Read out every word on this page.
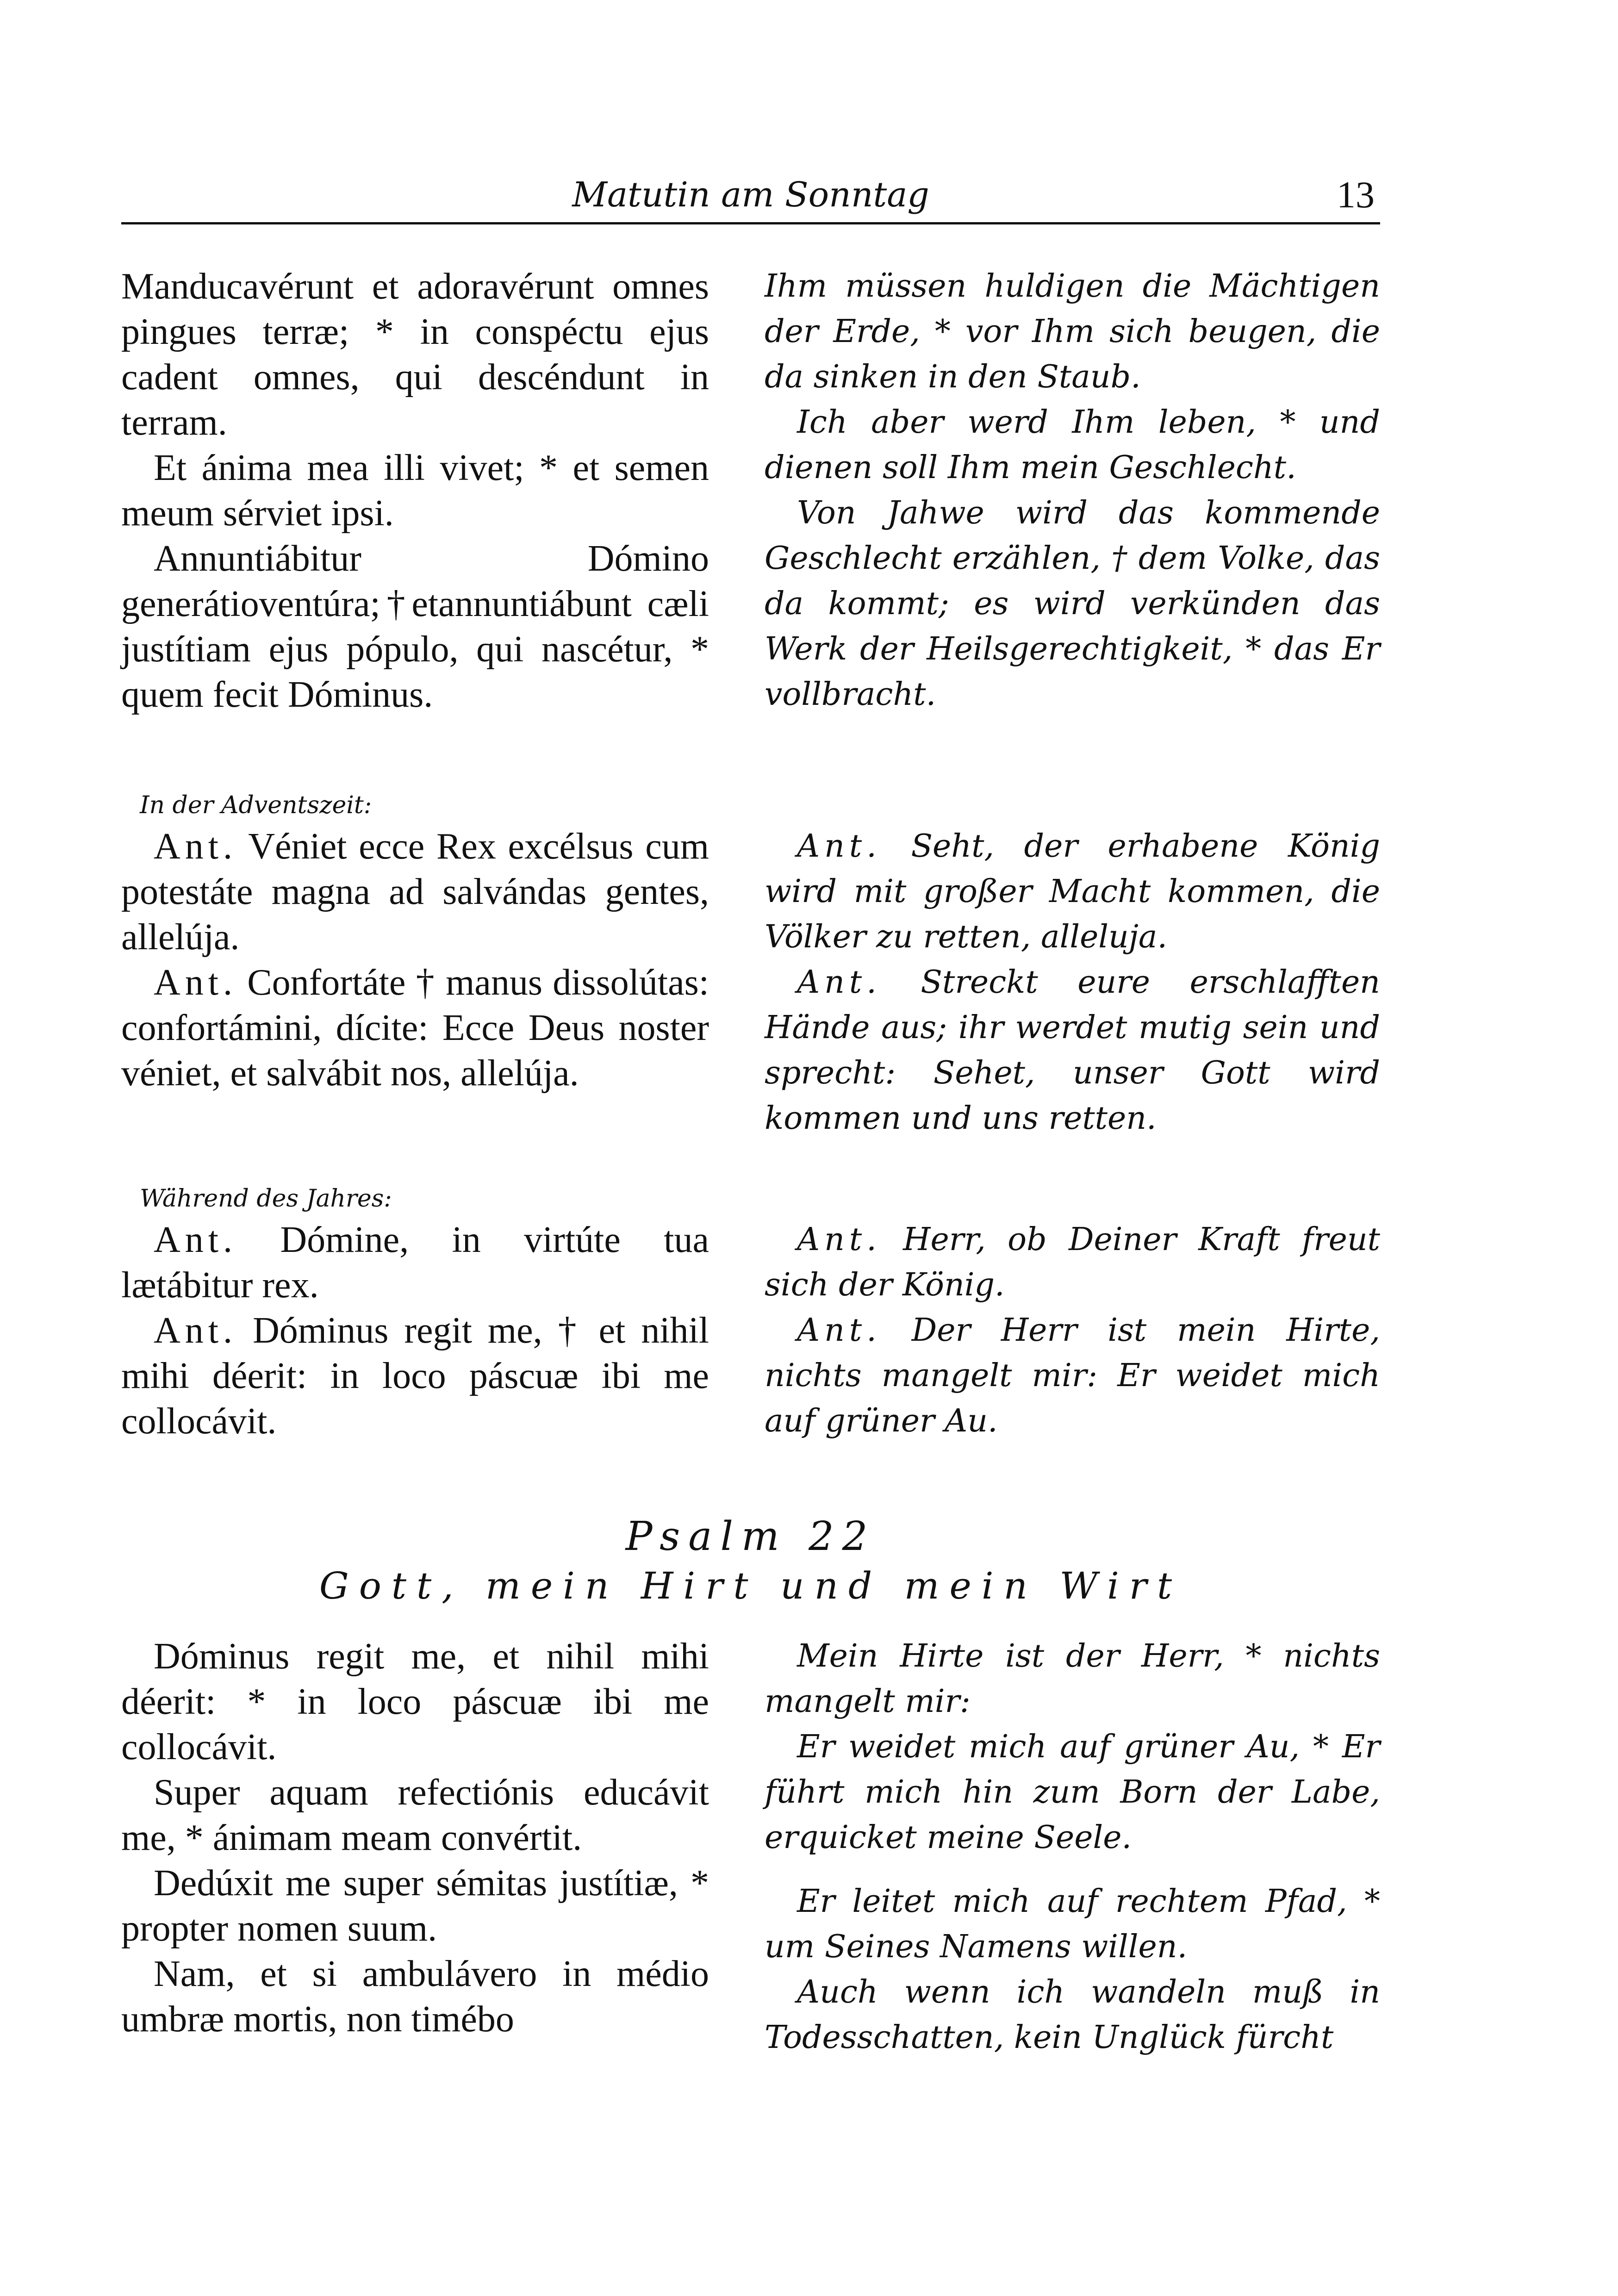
Matutin am Sonntag	13

Manducavérunt et adoravérunt omnes pingues terræ; * in conspéctu ejus cadent omnes, qui descéndunt in terram.

Et ánima mea illi vivet; * et semen meum sérviet ipsi.

Annuntiábitur Dómino generátioventúra;†etannuntiábunt cæli justítiam ejus pópulo, qui nascétur, * quem fecit Dóminus.

Ihm müssen huldigen die Mächtigen der Erde, * vor Ihm sich beugen, die da sinken in den Staub.

Ich aber werd Ihm leben, * und dienen soll Ihm mein Geschlecht.

Von Jahwe wird das kommende Geschlecht erzählen, † dem Volke, das da kommt; es wird verkünden das Werk der Heilsgerechtigkeit, * das Er vollbracht.

In der Adventszeit:

Ant. Véniet ecce Rex excélsus cum potestáte magna ad salvándas gentes, allelúja.

Ant. Confortáte † manus dissolútas: confortámini, dícite: Ecce Deus noster véniet, et salvábit nos, allelúja.

Ant. Seht, der erhabene König wird mit großer Macht kommen, die Völker zu retten, alleluja.

Ant. Streckt eure erschlafften Hände aus; ihr werdet mutig sein und sprecht: Sehet, unser Gott wird kommen und uns retten.

Während des Jahres:

Ant. Dómine, in virtúte tua lætábitur rex.

Ant. Dóminus regit me, † et nihil mihi déerit: in loco páscuæ ibi me collocávit.

Ant. Herr, ob Deiner Kraft freut sich der König.

Ant. Der Herr ist mein Hirte, nichts mangelt mir: Er weidet mich auf grüner Au.

Psalm 22
Gott, mein Hirt und mein Wirt

Dóminus regit me, et nihil mihi déerit: * in loco páscuæ ibi me collocávit.

Super aquam refectiónis educávit me, * ánimam meam convértit.

Dedúxit me super sémitas justítiæ, * propter nomen suum.

Nam, et si ambulávero in médio umbræ mortis, non timébo

Mein Hirte ist der Herr, * nichts mangelt mir:

Er weidet mich auf grüner Au, * Er führt mich hin zum Born der Labe, erquicket meine Seele.

Er leitet mich auf rechtem Pfad, * um Seines Namens willen.

Auch wenn ich wandeln muß in Todesschatten, kein Unglück fürcht
